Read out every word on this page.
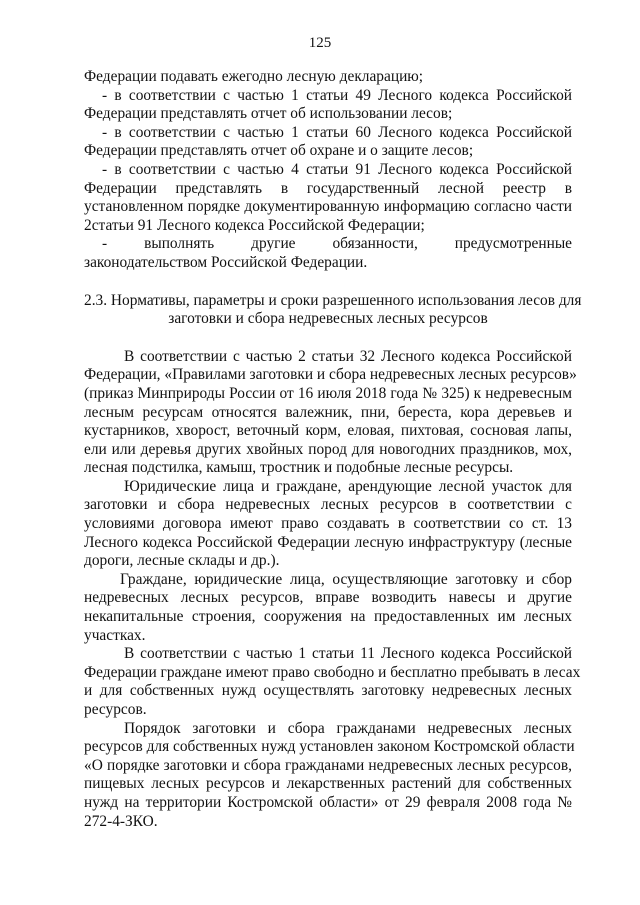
125
Федерации подавать ежегодно лесную декларацию;
- в соответствии с частью 1 статьи 49 Лесного кодекса Российской
Федерации представлять отчет об использовании лесов;
- в соответствии с частью 1 статьи 60 Лесного кодекса Российской
Федерации представлять отчет об охране и о защите лесов;
- в соответствии с частью 4 статьи 91 Лесного кодекса Российской
Федерации представлять в государственный лесной реестр в
установленном порядке документированную информацию согласно части
2статьи 91 Лесного кодекса Российской Федерации;
- выполнять другие обязанности, предусмотренные
законодательством Российской Федерации.
2.3. Нормативы, параметры и сроки разрешенного использования лесов для
заготовки и сбора недревесных лесных ресурсов
В соответствии с частью 2 статьи 32 Лесного кодекса Российской
Федерации, «Правилами заготовки и сбора недревесных лесных ресурсов»
(приказ Минприроды России от 16 июля 2018 года № 325) к недревесным
лесным ресурсам относятся валежник, пни, береста, кора деревьев и
кустарников, хворост, веточный корм, еловая, пихтовая, сосновая лапы,
ели или деревья других хвойных пород для новогодних праздников, мох,
лесная подстилка, камыш, тростник и подобные лесные ресурсы.
Юридические лица и граждане, арендующие лесной участок для
заготовки и сбора недревесных лесных ресурсов в соответствии с
условиями договора имеют право создавать в соответствии со ст. 13
Лесного кодекса Российской Федерации лесную инфраструктуру (лесные
дороги, лесные склады и др.).
Граждане, юридические лица, осуществляющие заготовку и сбор
недревесных лесных ресурсов, вправе возводить навесы и другие
некапитальные строения, сооружения на предоставленных им лесных
участках.
В соответствии с частью 1 статьи 11 Лесного кодекса Российской
Федерации граждане имеют право свободно и бесплатно пребывать в лесах
и для собственных нужд осуществлять заготовку недревесных лесных
ресурсов.
Порядок заготовки и сбора гражданами недревесных лесных
ресурсов для собственных нужд установлен законом Костромской области
«О порядке заготовки и сбора гражданами недревесных лесных ресурсов,
пищевых лесных ресурсов и лекарственных растений для собственных
нужд на территории Костромской области» от 29 февраля 2008 года №
272-4-ЗКО.
